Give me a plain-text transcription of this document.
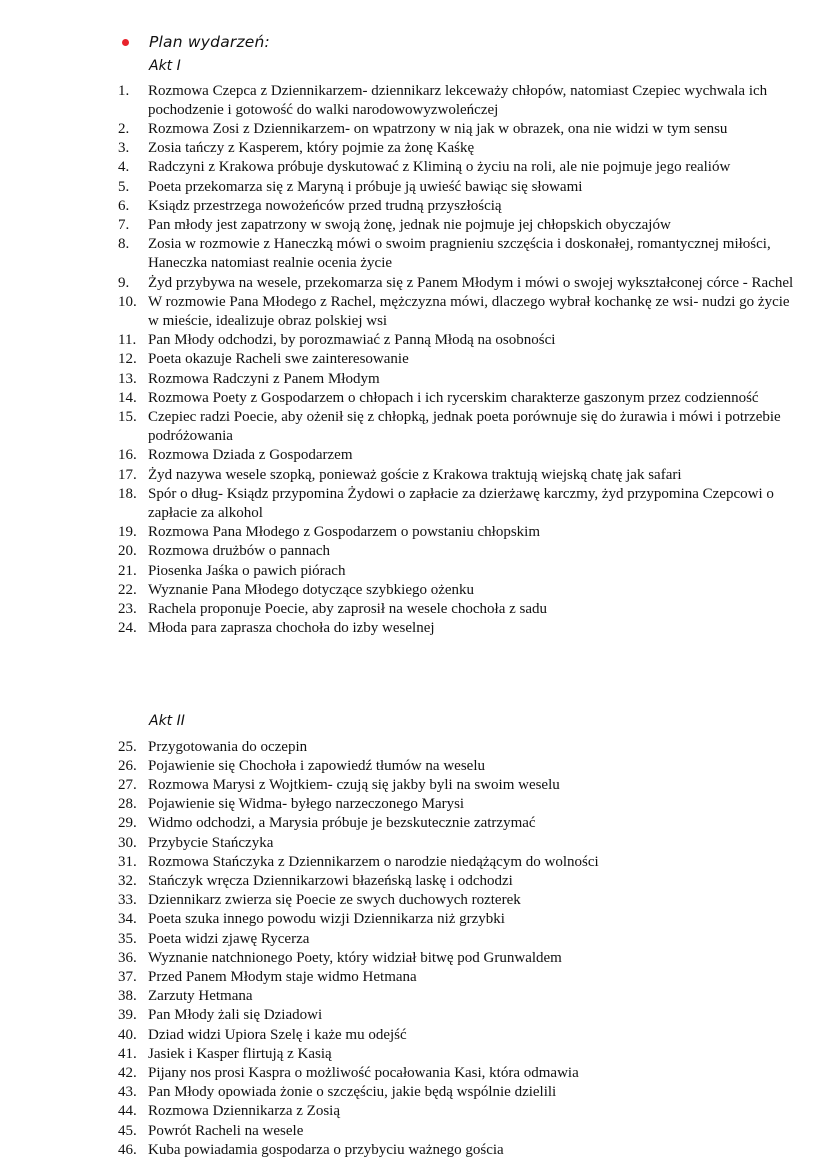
Plan wydarzeń:
Akt I
1.	Rozmowa Czepca z Dziennikarzem- dziennikarz lekceważy chłopów, natomiast Czepiec wychwala ich pochodzenie i gotowość do walki narodowowyzwoleńczej
2.	Rozmowa Zosi z Dziennikarzem- on wpatrzony w nią jak w obrazek, ona nie widzi w tym sensu
3.	Zosia tańczy z Kasperem, który pojmie za żonę Kaśkę
4.	Radczyni z Krakowa próbuje dyskutować z Kliminą o życiu na roli, ale nie pojmuje jego realiów
5.	Poeta przekomarza się z Maryną i próbuje ją uwieść bawiąc się słowami
6.	Ksiądz przestrzega nowożeńców przed trudną przyszłością
7.	Pan młody jest zapatrzony w swoją żonę, jednak nie pojmuje jej chłopskich obyczajów
8.	Zosia w rozmowie z Haneczką mówi o swoim pragnieniu szczęścia i doskonałej, romantycznej miłości, Haneczka natomiast realnie ocenia życie
9.	Żyd przybywa na wesele, przekomarza się z Panem Młodym i mówi o swojej wykształconej córce - Rachel
10. W rozmowie Pana Młodego z Rachel, mężczyzna mówi, dlaczego wybrał kochankę ze wsi- nudzi go życie w mieście, idealizuje obraz polskiej wsi
11. Pan Młody odchodzi, by porozmawiać z Panną Młodą na osobności
12. Poeta okazuje Racheli swe zainteresowanie
13. Rozmowa Radczyni z Panem Młodym
14. Rozmowa Poety z Gospodarzem o chłopach i ich rycerskim charakterze gaszonym przez codzienność
15. Czepiec radzi Poecie, aby ożenił się z chłopką, jednak poeta porównuje się do żurawia i mówi i potrzebie podróżowania
16. Rozmowa Dziada z Gospodarzem
17. Żyd nazywa wesele szopką, ponieważ goście z Krakowa traktują wiejską chatę jak safari
18. Spór o dług- Ksiądz przypomina Żydowi o zapłacie za dzierżawę karczmy, żyd przypomina Czepcowi o zapłacie za alkohol
19. Rozmowa Pana Młodego z Gospodarzem o powstaniu chłopskim
20. Rozmowa drużbów o pannach
21. Piosenka Jaśka o pawich piórach
22. Wyznanie Pana Młodego dotyczące szybkiego ożenku
23. Rachela proponuje Poecie, aby zaprosił na wesele chochoła z sadu
24. Młoda para zaprasza chochoła do izby weselnej
Akt II
25. Przygotowania do oczepin
26. Pojawienie się Chochoła i zapowiedź tłumów na weselu
27. Rozmowa Marysi z Wojtkiem- czują się jakby byli na swoim weselu
28. Pojawienie się Widma- byłego narzeczonego Marysi
29. Widmo odchodzi, a Marysia próbuje je bezskutecznie zatrzymać
30. Przybycie Stańczyka
31. Rozmowa Stańczyka z Dziennikarzem o narodzie niedążącym do wolności
32. Stańczyk wręcza Dziennikarzowi błazeńską laskę i odchodzi
33. Dziennikarz zwierza się Poecie ze swych duchowych rozterek
34. Poeta szuka innego powodu wizji Dziennikarza niż grzybki
35. Poeta widzi zjawę Rycerza
36. Wyznanie natchnionego Poety, który widział bitwę pod Grunwaldem
37. Przed Panem Młodym staje widmo Hetmana
38. Zarzuty Hetmana
39. Pan Młody żali się Dziadowi
40. Dziad widzi Upiora Szelę i każe mu odejść
41. Jasiek i Kasper flirtują z Kasią
42. Pijany nos prosi Kaspra o możliwość pocałowania Kasi, która odmawia
43. Pan Młody opowiada żonie o szczęściu, jakie będą wspólnie dzielili
44. Rozmowa Dziennikarza z Zosią
45. Powrót Racheli na wesele
46. Kuba powiadamia gospodarza o przybyciu ważnego gościa
